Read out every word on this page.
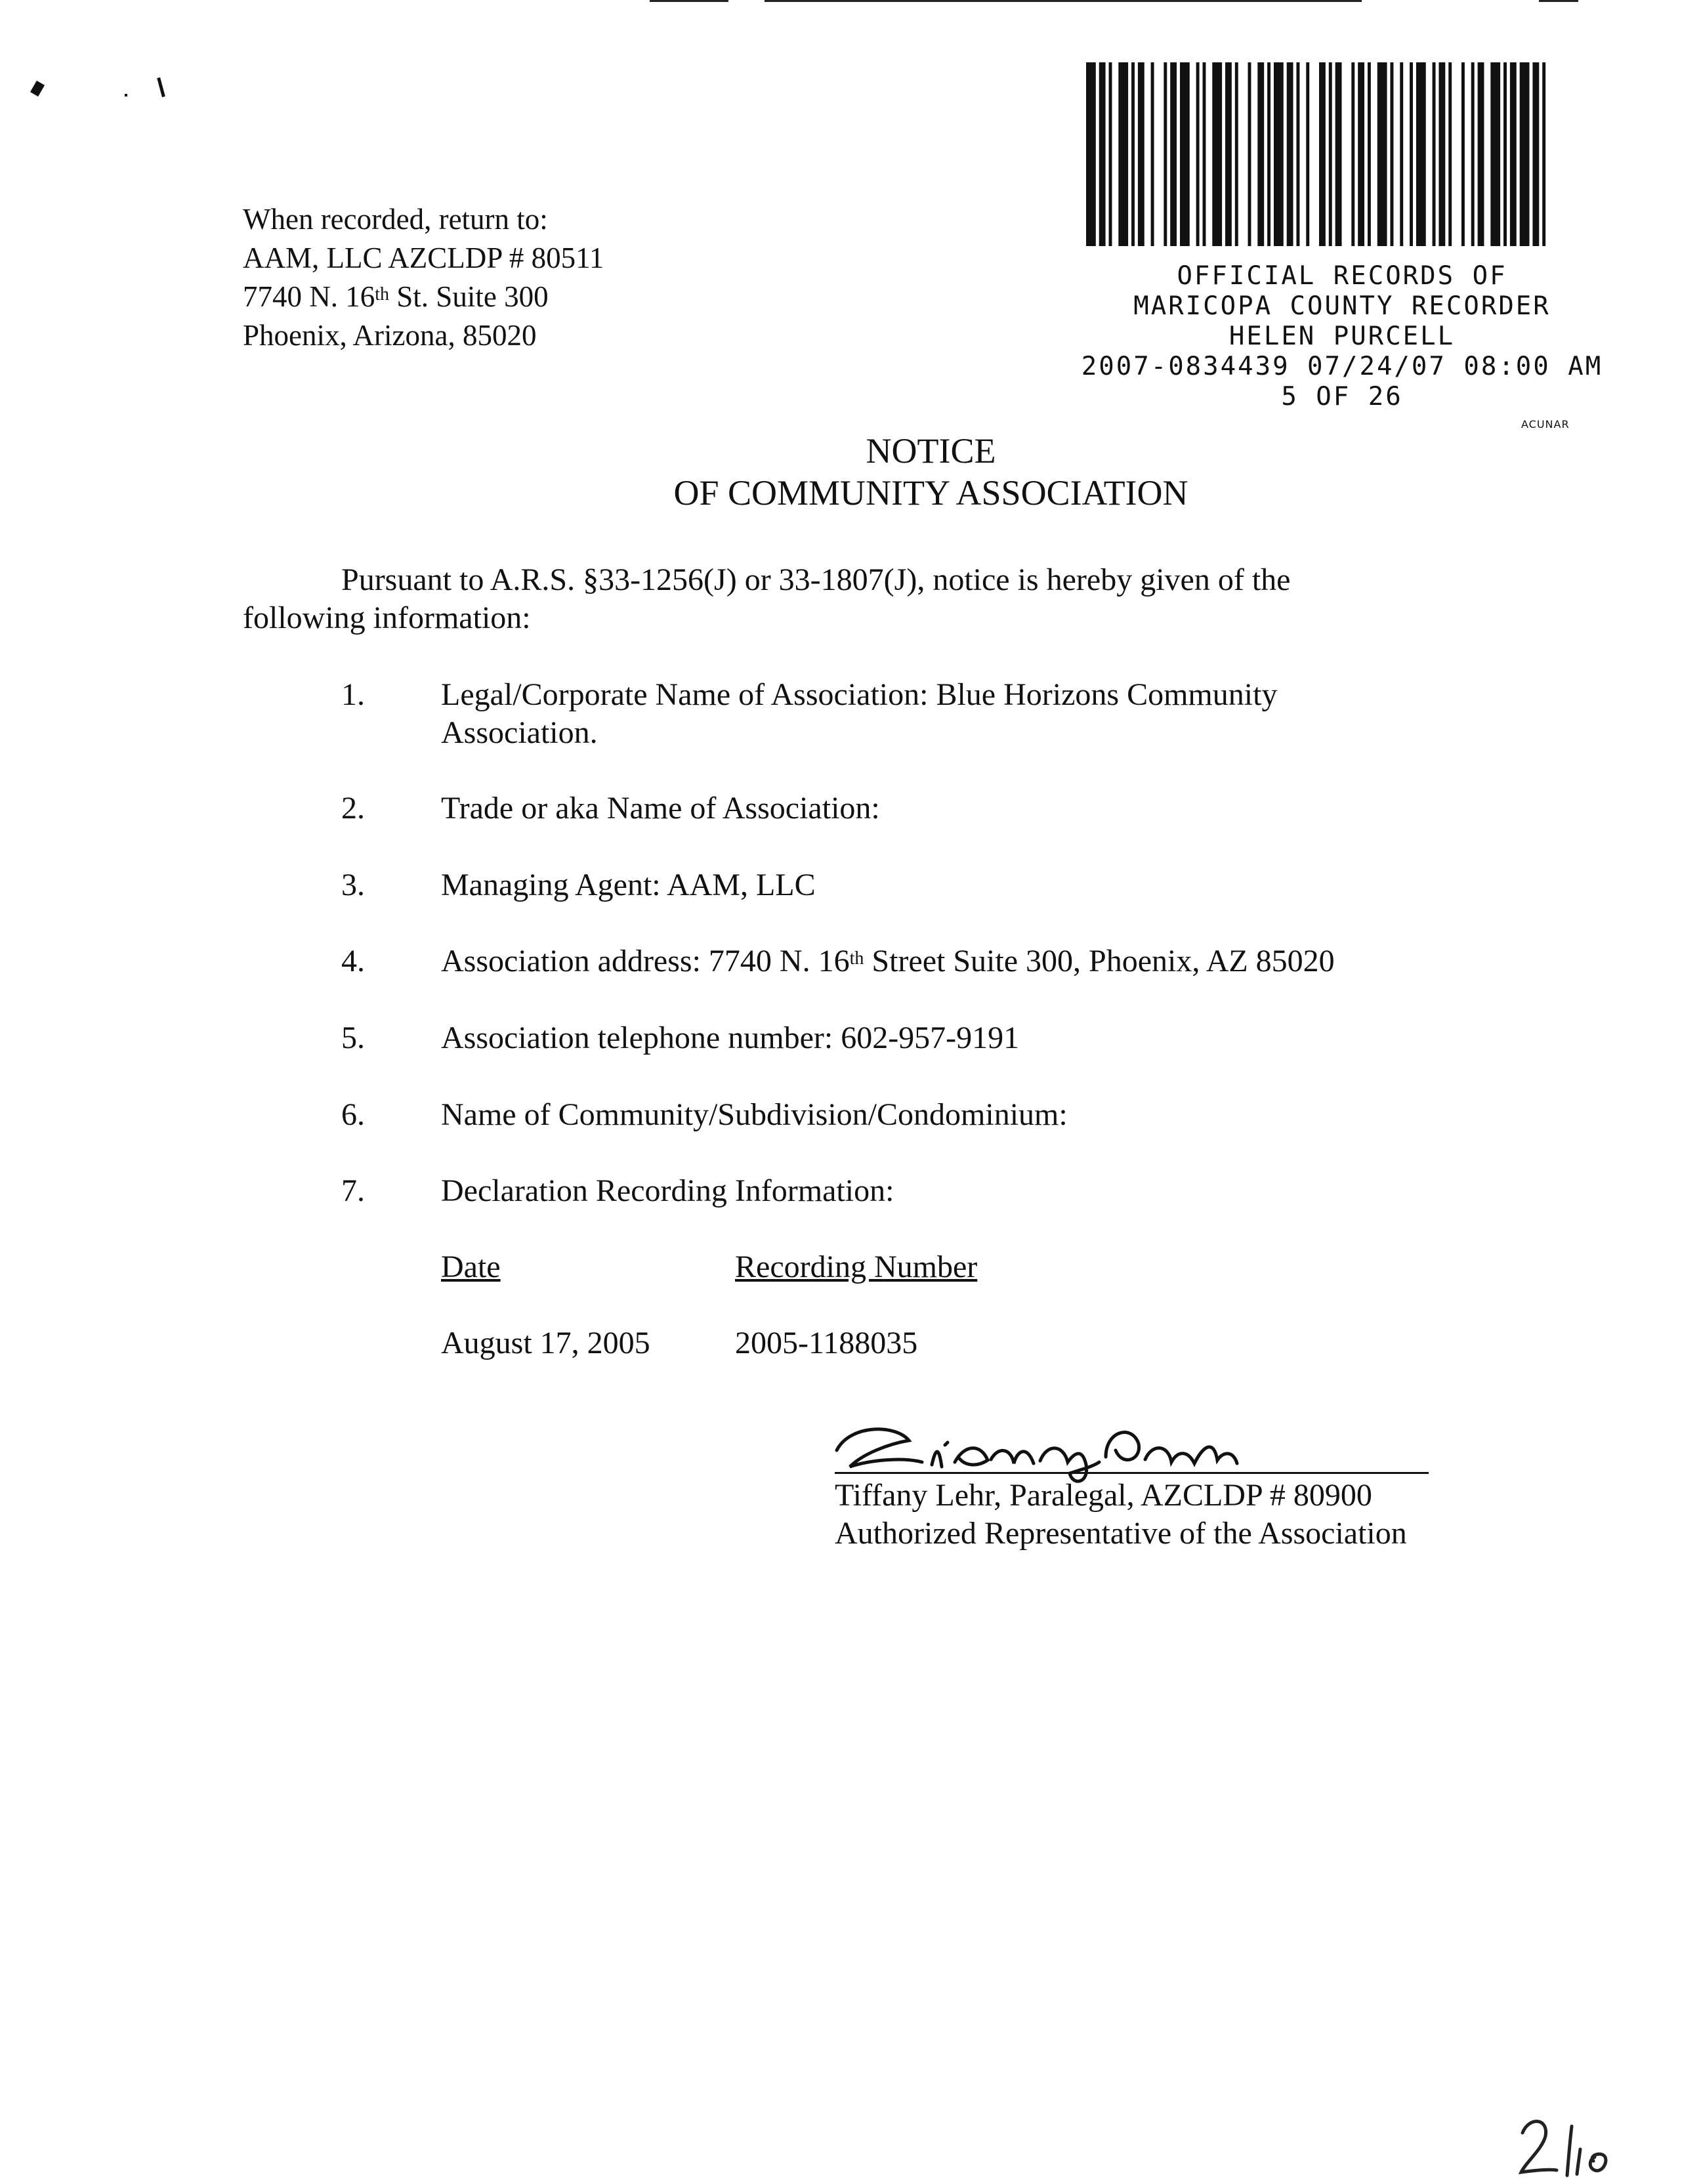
When recorded, return to:
AAM, LLC AZCLDP # 80511
7740 N. 16th St. Suite 300
Phoenix, Arizona, 85020
OFFICIAL RECORDS OF
MARICOPA COUNTY RECORDER
HELEN PURCELL
2007-0834439 07/24/07 08:00 AM
5 OF 26
ACUNAR
NOTICE
OF COMMUNITY ASSOCIATION
Pursuant to A.R.S. §33-1256(J) or 33-1807(J), notice is hereby given of the
following information:
1. Legal/Corporate Name of Association: Blue Horizons Community
Association.
2. Trade or aka Name of Association:
3. Managing Agent: AAM, LLC
4. Association address: 7740 N. 16th Street Suite 300, Phoenix, AZ 85020
5. Association telephone number: 602-957-9191
6. Name of Community/Subdivision/Condominium:
7. Declaration Recording Information:
Date	Recording Number
August 17, 2005	2005-1188035
Tiffany Lehr, Paralegal, AZCLDP # 80900
Authorized Representative of the Association
2/10
